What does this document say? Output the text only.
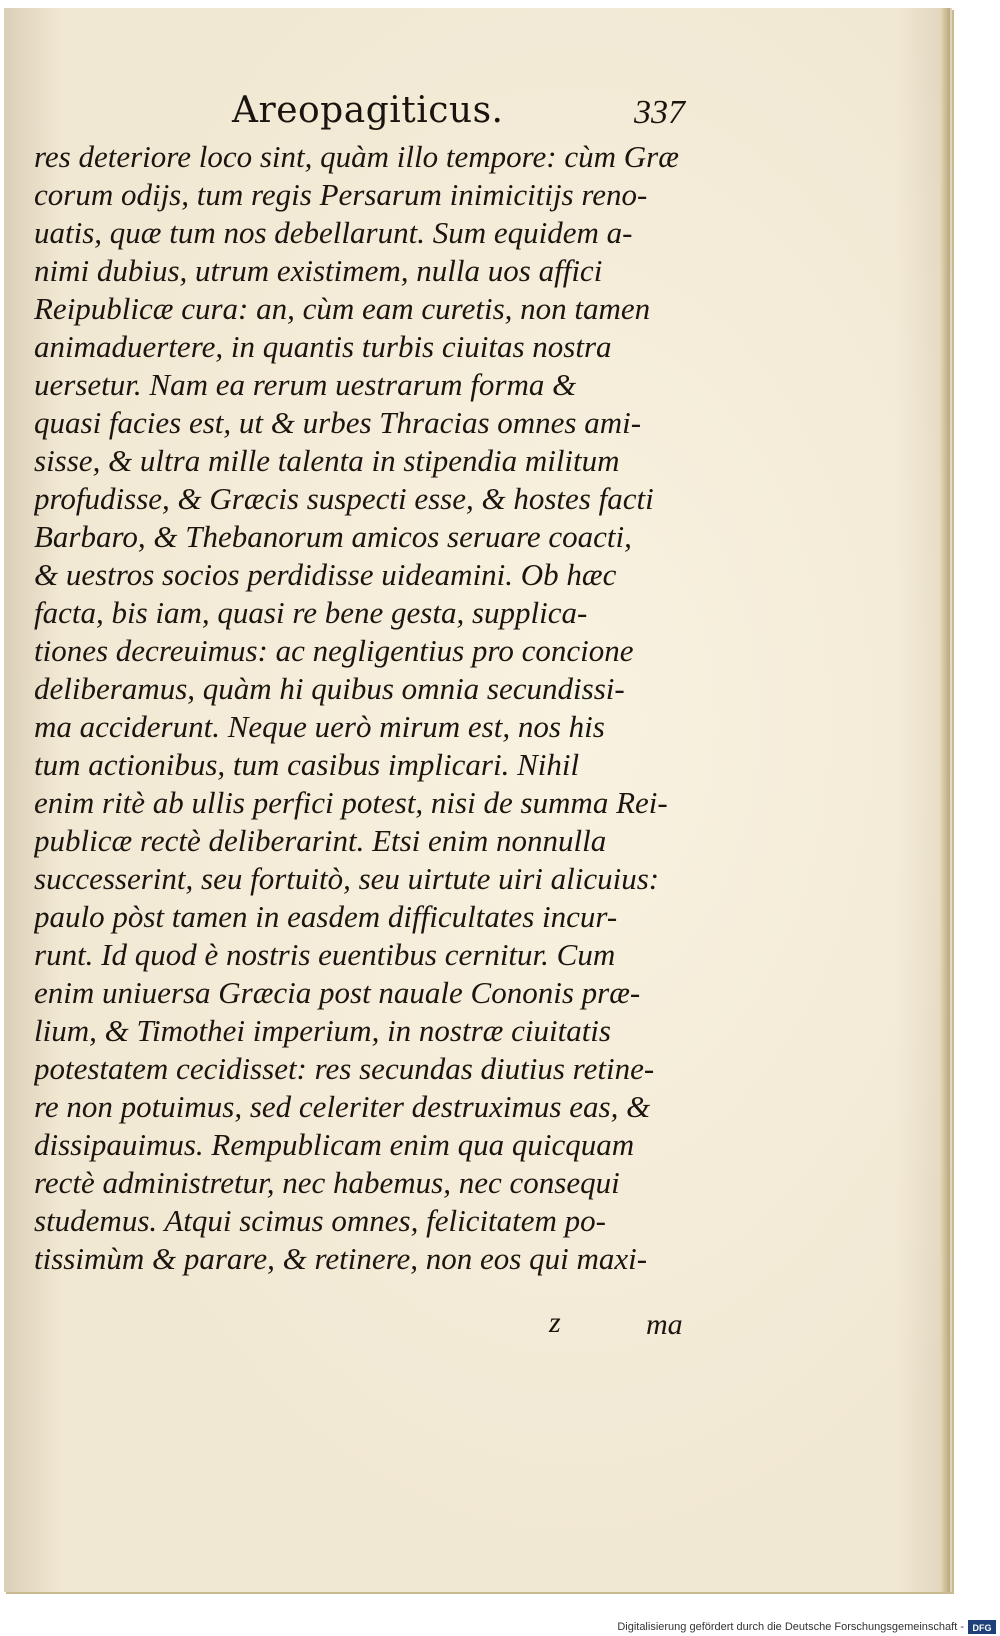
Areopagiticus.	337
res deteriore loco sint, quàm illo tempore: cùm Græ
corum odijs, tum regis Persarum inimicitijs reno-
uatis, quæ tum nos debellarunt. Sum equidem a-
nimi dubius, utrum existimem, nulla uos affici
Reipublicæ cura: an, cùm eam curetis, non tamen
animaduertere, in quantis turbis ciuitas nostra
uersetur. Nam ea rerum uestrarum forma &
quasi facies est, ut & urbes Thracias omnes ami-
sisse, & ultra mille talenta in stipendia militum
profudisse, & Græcis suspecti esse, & hostes facti
Barbaro, & Thebanorum amicos seruare coacti,
& uestros socios perdidisse uideamini. Ob hæc
facta, bis iam, quasi re bene gesta, supplica-
tiones decreuimus: ac negligentius pro concione
deliberamus, quàm hi quibus omnia secundissi-
ma acciderunt. Neque uerò mirum est, nos his
tum actionibus, tum casibus implicari. Nihil
enim ritè ab ullis perfici potest, nisi de summa Rei-
publicæ rectè deliberarint. Etsi enim nonnulla
successerint, seu fortuitò, seu uirtute uiri alicuius:
paulo pòst tamen in easdem difficultates incur-
runt. Id quod è nostris euentibus cernitur. Cum
enim uniuersa Græcia post nauale Cononis præ-
lium, & Timothei imperium, in nostræ ciuitatis
potestatem cecidisset: res secundas diutius retine-
re non potuimus, sed celeriter destruximus eas, &
dissipauimus. Rempublicam enim qua quicquam
rectè administretur, nec habemus, nec consequi
studemus. Atqui scimus omnes, felicitatem po-
tissimùm & parare, & retinere, non eos qui maxi-
z	ma
Digitalisierung gefördert durch die Deutsche Forschungsgemeinschaft - DFG
